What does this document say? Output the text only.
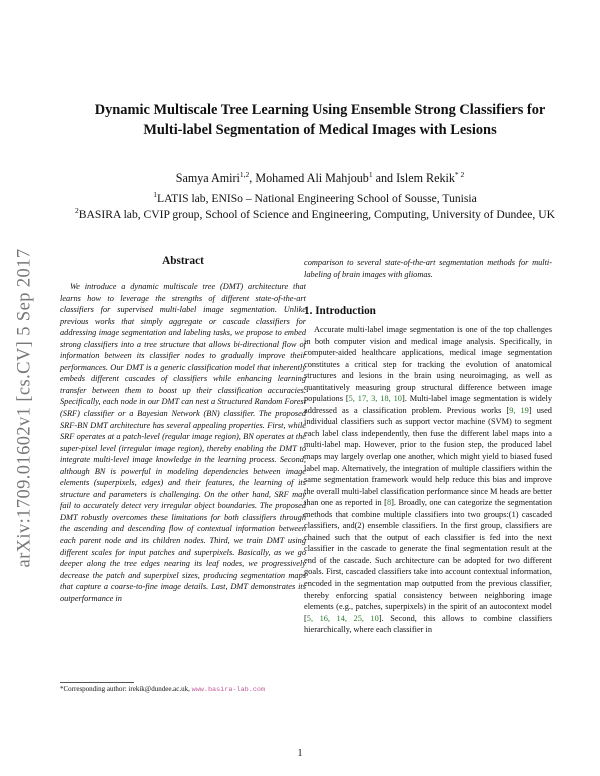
arXiv:1709.01602v1 [cs.CV] 5 Sep 2017
Dynamic Multiscale Tree Learning Using Ensemble Strong Classifiers for
Multi-label Segmentation of Medical Images with Lesions
Samya Amiri$^{1,2}$, Mohamed Ali Mahjoub$^1$ and Islem Rekik$^{* 2}$
$^1$LATIS lab, ENISo – National Engineering School of Sousse, Tunisia
$^2$BASIRA lab, CVIP group, School of Science and Engineering, Computing, University of Dundee, UK
Abstract

We introduce a dynamic multiscale tree (DMT) architecture that learns how to leverage the strengths of different state-of-the-art classifiers for supervised multi-label image segmentation. Unlike previous works that simply aggregate or cascade classifiers for addressing image segmentation and labeling tasks, we propose to embed strong classifiers into a tree structure that allows bi-directional flow of information between its classifier nodes to gradually improve their performances. Our DMT is a generic classification model that inherently embeds different cascades of classifiers while enhancing learning transfer between them to boost up their classification accuracies. Specifically, each node in our DMT can nest a Structured Random Forest (SRF) classifier or a Bayesian Network (BN) classifier. The proposed SRF-BN DMT architecture has several appealing properties. First, while SRF operates at a patch-level (regular image region), BN operates at the super-pixel level (irregular image region), thereby enabling the DMT to integrate multi-level image knowledge in the learning process. Second, although BN is powerful in modeling dependencies between image elements (superpixels, edges) and their features, the learning of its structure and parameters is challenging. On the other hand, SRF may fail to accurately detect very irregular object boundaries. The proposed DMT robustly overcomes these limitations for both classifiers through the ascending and descending flow of contextual information between each parent node and its children nodes. Third, we train DMT using different scales for input patches and superpixels. Basically, as we go deeper along the tree edges nearing its leaf nodes, we progressively decrease the patch and superpixel sizes, producing segmentation maps that capture a coarse-to-fine image details. Last, DMT demonstrates its outperformance in

comparison to several state-of-the-art segmentation methods for multi-labeling of brain images with gliomas.

1. Introduction

Accurate multi-label image segmentation is one of the top challenges in both computer vision and medical image analysis. Specifically, in computer-aided healthcare applications, medical image segmentation constitutes a critical step for tracking the evolution of anatomical structures and lesions in the brain using neuroimaging, as well as quantitatively measuring group structural difference between image populations [5, 17, 3, 18, 10]. Multi-label image segmentation is widely addressed as a classification problem. Previous works [9, 19] used individual classifiers such as support vector machine (SVM) to segment each label class independently, then fuse the different label maps into a multi-label map. However, prior to the fusion step, the produced label maps may largely overlap one another, which might yield to biased fused label map. Alternatively, the integration of multiple classifiers within the same segmentation framework would help reduce this bias and improve the overall multi-label classification performance since M heads are better than one as reported in [8]. Broadly, one can categorize the segmentation methods that combine multiple classifiers into two groups:(1) cascaded classifiers, and(2) ensemble classifiers. In the first group, classifiers are chained such that the output of each classifier is fed into the next classifier in the cascade to generate the final segmentation result at the end of the cascade. Such architecture can be adopted for two different goals. First, cascaded classifiers take into account contextual information, encoded in the segmentation map outputted from the previous classifier, thereby enforcing spatial consistency between neighboring image elements (e.g., patches, superpixels) in the spirit of an autocontext model [5, 16, 14, 25, 10]. Second, this allows to combine classifiers hierarchically, where each classifier in

*Corresponding author: irekik@dundee.ac.uk, www.basira-lab.com
1
